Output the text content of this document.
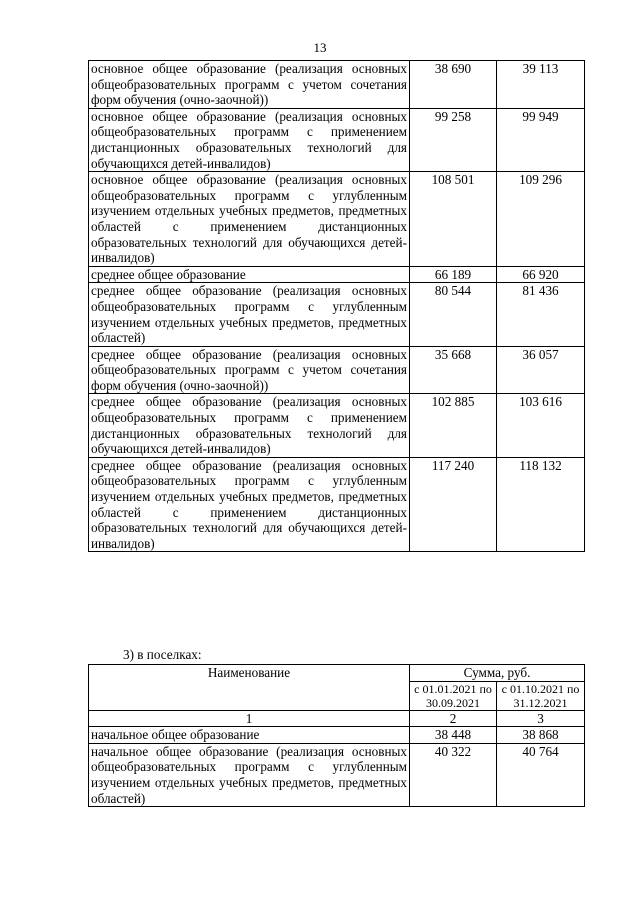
13
основное общее образование (реализация основных общеобразовательных программ с учетом сочетания форм обучения (очно-заочной))	38 690	39 113
основное общее образование (реализация основных общеобразовательных программ с применением дистанционных образовательных технологий для обучающихся детей-инвалидов)	99 258	99 949
основное общее образование (реализация основных общеобразовательных программ с углубленным изучением отдельных учебных предметов, предметных областей с применением дистанционных образовательных технологий для обучающихся детей-инвалидов)	108 501	109 296
среднее общее образование	66 189	66 920
среднее общее образование (реализация основных общеобразовательных программ с углубленным изучением отдельных учебных предметов, предметных областей)	80 544	81 436
среднее общее образование (реализация основных общеобразовательных программ с учетом сочетания форм обучения (очно-заочной))	35 668	36 057
среднее общее образование (реализация основных общеобразовательных программ с применением дистанционных образовательных технологий для обучающихся детей-инвалидов)	102 885	103 616
среднее общее образование (реализация основных общеобразовательных программ с углубленным изучением отдельных учебных предметов, предметных областей с применением дистанционных образовательных технологий для обучающихся детей-инвалидов)	117 240	118 132
3) в поселках:
Наименование	Сумма, руб.	
	с 01.01.2021 по 30.09.2021	с 01.10.2021 по 31.12.2021
1	2	3
начальное общее образование	38 448	38 868
начальное общее образование (реализация основных общеобразовательных программ с углубленным изучением отдельных учебных предметов, предметных областей)	40 322	40 764
